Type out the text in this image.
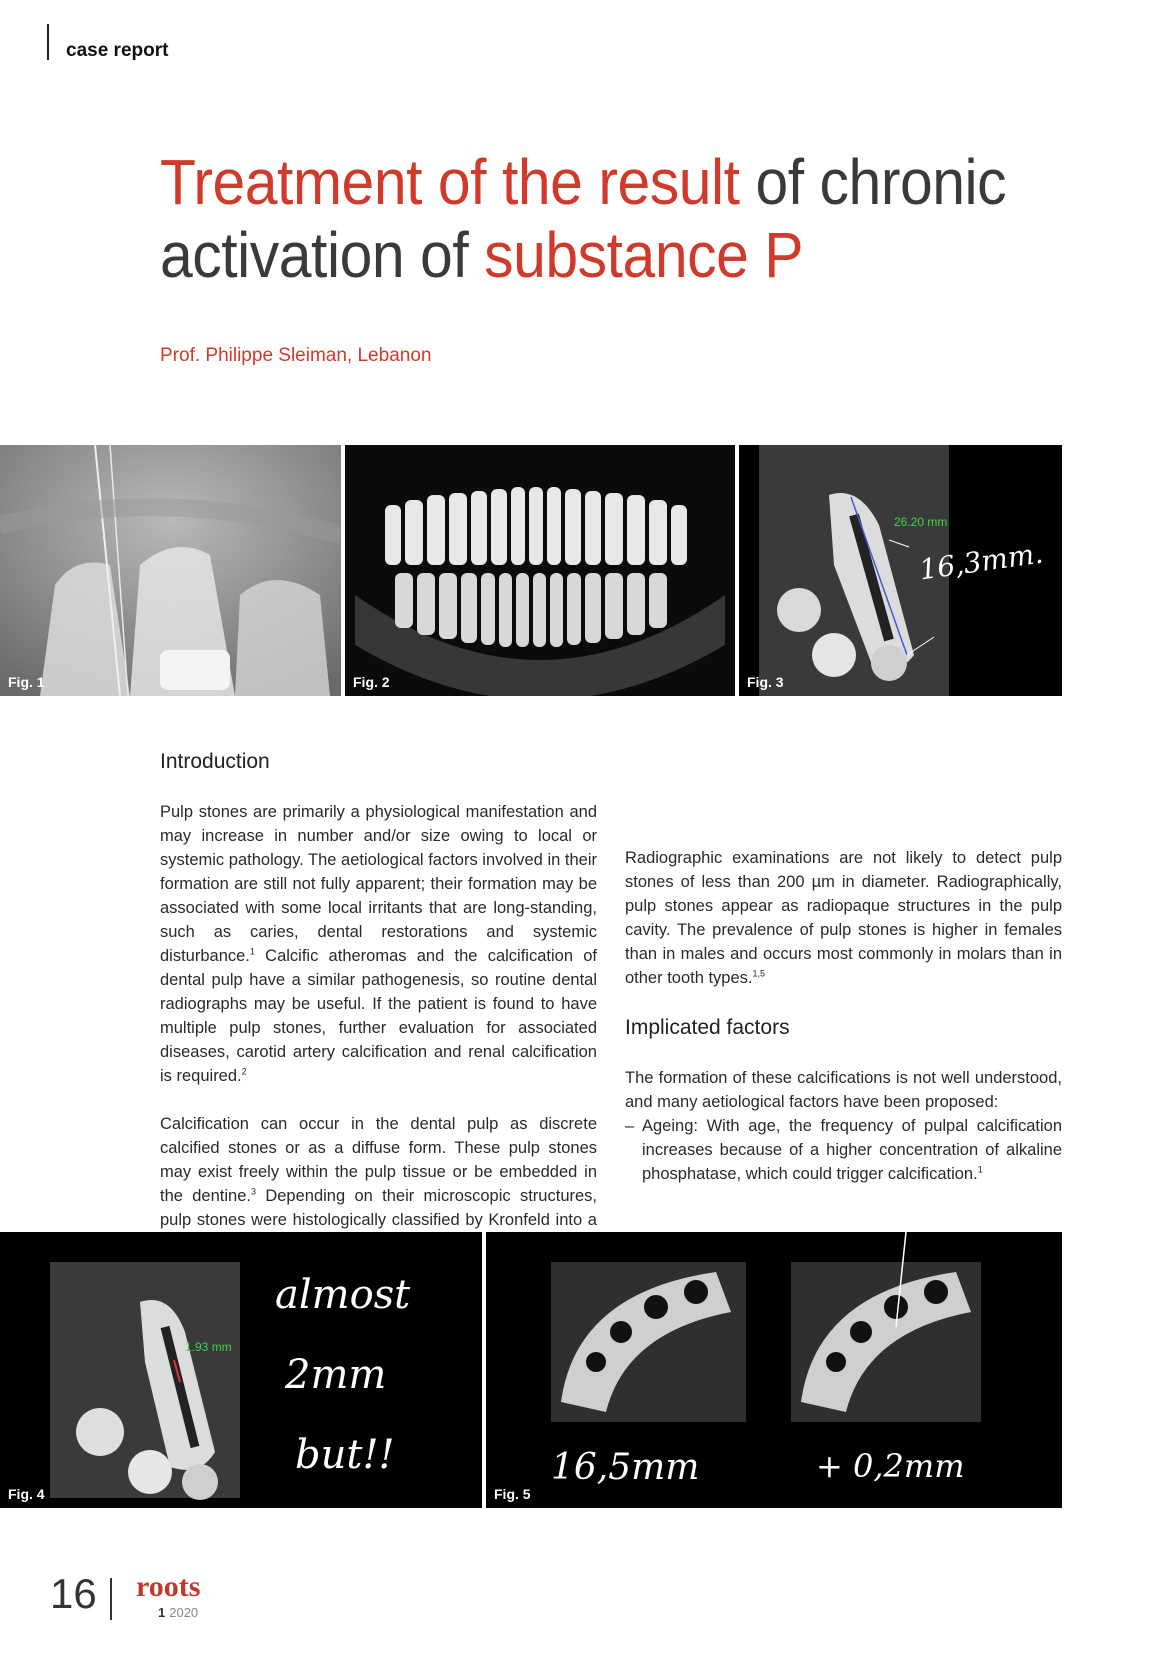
case report
Treatment of the result of chronic
activation of substance P
Prof. Philippe Sleiman, Lebanon
Fig. 1	Fig. 2
26.20 mm
16,3mm.
Fig. 3
Introduction

Pulp stones are primarily a physiological manifestation and may increase in number and/or size owing to local or systemic pathology. The aetiological factors involved in their formation are still not fully apparent; their formation may be associated with some local irritants that are long-standing, such as caries, dental restorations and systemic disturbance.$^1$ Calcific atheromas and the calcification of dental pulp have a similar pathogenesis, so routine dental radiographs may be useful. If the patient is found to have multiple pulp stones, further evaluation for associated diseases, carotid artery calcification and renal calcification is required.$^2$

Calcification can occur in the dental pulp as discrete calcified stones or as a diffuse form. These pulp stones may exist freely within the pulp tissue or be embedded in the dentine.$^3$ Depending on their microscopic structures, pulp stones were histologically classified by Kronfeld into a

Radiographic examinations are not likely to detect pulp stones of less than 200 µm in diameter. Radiographically, pulp stones appear as radiopaque structures in the pulp cavity. The prevalence of pulp stones is higher in females than in males and occurs most commonly in molars than in other tooth types.$^{1,5}$

Implicated factors

The formation of these calcifications is not well understood, and many aetiological factors have been proposed:

– Ageing: With age, the frequency of pulpal calcification increases because of a higher concentration of alkaline phosphatase, which could trigger calcification.$^1$
1.93 mm
almost
2mm
but!!
Fig. 4
16,5mm	+ 0,2mm
Fig. 5
16 roots
1 2020
